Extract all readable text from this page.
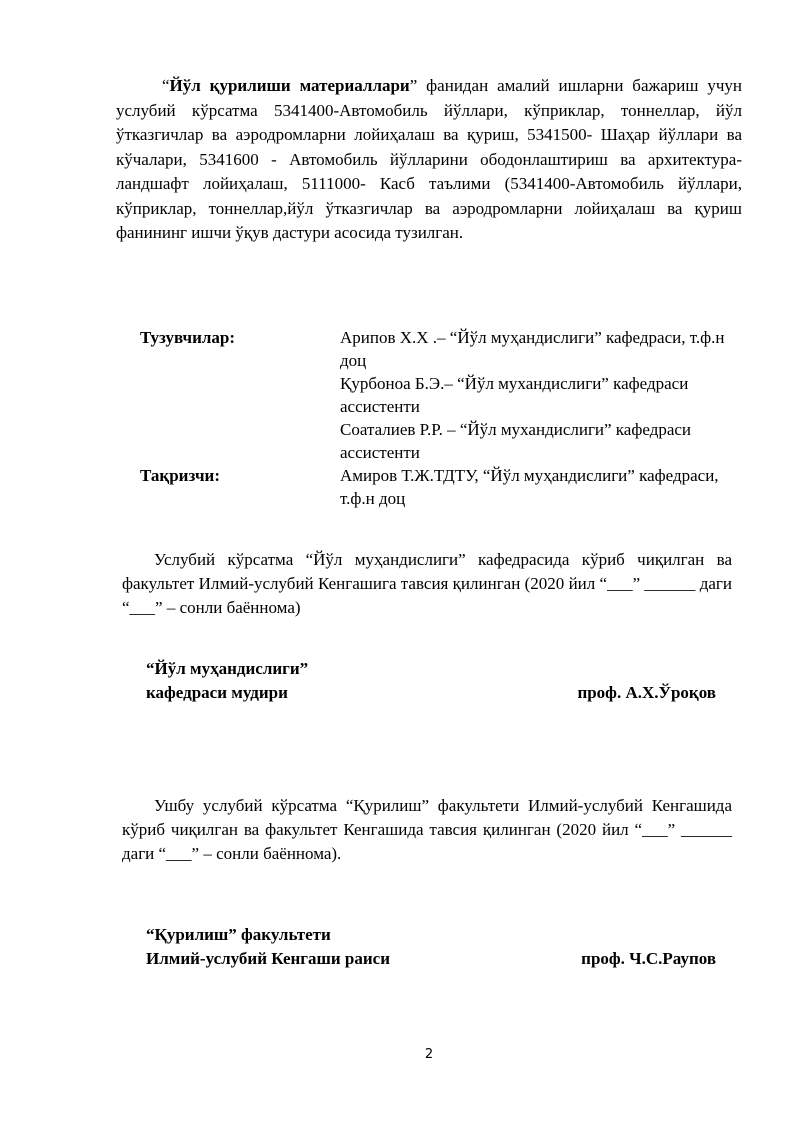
“Йўл қурилиши материаллари” фанидан амалий ишларни бажариш учун услубий кўрсатма 5341400-Автомобиль йўллари, кўприклар, тоннеллар, йўл ўтказгичлар ва аэродромларни лойиҳалаш ва қуриш, 5341500- Шаҳар йўллари ва кўчалари, 5341600 - Автомобиль йўлларини ободонлаштириш ва архитектура-ландшафт лойиҳалаш, 5111000- Касб таълими (5341400-Автомобиль йўллари, кўприклар, тоннеллар,йўл ўтказгичлар ва аэродромларни лойиҳалаш ва қуриш фанининг ишчи ўқув дастури асосида тузилган.

Тузувчилар:	Арипов Х.Х .– “Йўл муҳандислиги” кафедраси, т.ф.н доц
Қурбоноа Б.Э.– “Йўл мухандислиги” кафедраси ассистенти
Соаталиев Р.Р. – “Йўл мухандислиги” кафедраси ассистенти
Тақризчи:	Амиров Т.Ж.ТДТУ, “Йўл муҳандислиги” кафедраси, т.ф.н доц

Услубий кўрсатма “Йўл муҳандислиги” кафедрасида кўриб чиқилган ва факультет Илмий-услубий Кенгашига тавсия қилинган (2020 йил “___” ______ даги “___” – сонли баённома)

“Йўл муҳандислиги”
кафедраси мудири	проф. А.Х.Ўроқов

Ушбу услубий кўрсатма “Қурилиш” факультети Илмий-услубий Кенгашида кўриб чиқилган ва факультет Кенгашида тавсия қилинган (2020 йил “___” ______ даги “___” – сонли баённома).

“Қурилиш” факультети
Илмий-услубий Кенгаши раиси	проф. Ч.С.Раупов
2
